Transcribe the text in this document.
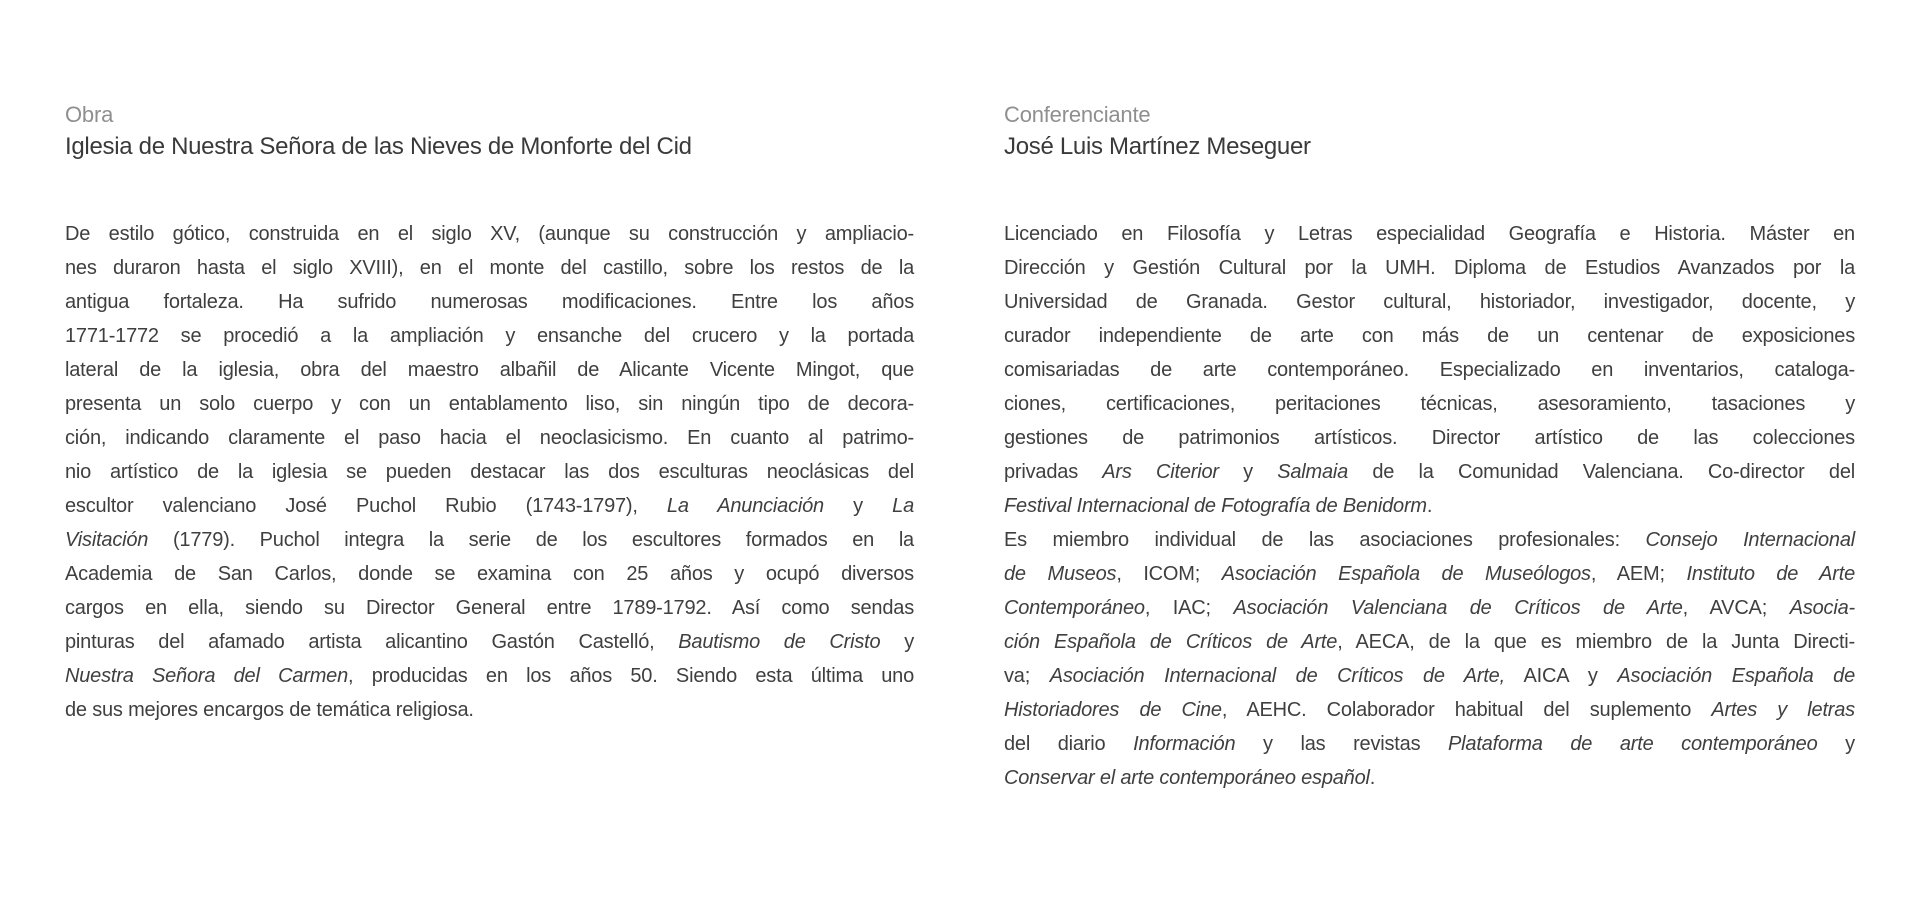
Obra
Iglesia de Nuestra Señora de las Nieves de Monforte del Cid
De estilo gótico, construida en el siglo XV, (aunque su construcción y ampliacio-
nes duraron hasta el siglo XVIII), en el monte del castillo, sobre los restos de la
antigua fortaleza. Ha sufrido numerosas modificaciones. Entre los años
1771-1772 se procedió a la ampliación y ensanche del crucero y la portada
lateral de la iglesia, obra del maestro albañil de Alicante Vicente Mingot, que
presenta un solo cuerpo y con un entablamento liso, sin ningún tipo de decora-
ción, indicando claramente el paso hacia el neoclasicismo. En cuanto al patrimo-
nio artístico de la iglesia se pueden destacar las dos esculturas neoclásicas del
escultor valenciano José Puchol Rubio (1743-1797), La Anunciación y La
Visitación (1779). Puchol integra la serie de los escultores formados en la
Academia de San Carlos, donde se examina con 25 años y ocupó diversos
cargos en ella, siendo su Director General entre 1789-1792. Así como sendas
pinturas del afamado artista alicantino Gastón Castelló, Bautismo de Cristo y
Nuestra Señora del Carmen, producidas en los años 50. Siendo esta última uno
de sus mejores encargos de temática religiosa.
Conferenciante
José Luis Martínez Meseguer
Licenciado en Filosofía y Letras especialidad Geografía e Historia. Máster en
Dirección y Gestión Cultural por la UMH. Diploma de Estudios Avanzados por la
Universidad de Granada. Gestor cultural, historiador, investigador, docente, y
curador independiente de arte con más de un centenar de exposiciones
comisariadas de arte contemporáneo. Especializado en inventarios, cataloga-
ciones, certificaciones, peritaciones técnicas, asesoramiento, tasaciones y
gestiones de patrimonios artísticos. Director artístico de las colecciones
privadas Ars Citerior y Salmaia de la Comunidad Valenciana. Co-director del
Festival Internacional de Fotografía de Benidorm.
Es miembro individual de las asociaciones profesionales: Consejo Internacional
de Museos, ICOM; Asociación Española de Museólogos, AEM; Instituto de Arte
Contemporáneo, IAC; Asociación Valenciana de Críticos de Arte, AVCA; Asocia-
ción Española de Críticos de Arte, AECA, de la que es miembro de la Junta Directi-
va; Asociación Internacional de Críticos de Arte, AICA y Asociación Española de
Historiadores de Cine, AEHC. Colaborador habitual del suplemento Artes y letras
del diario Información y las revistas Plataforma de arte contemporáneo y
Conservar el arte contemporáneo español.
